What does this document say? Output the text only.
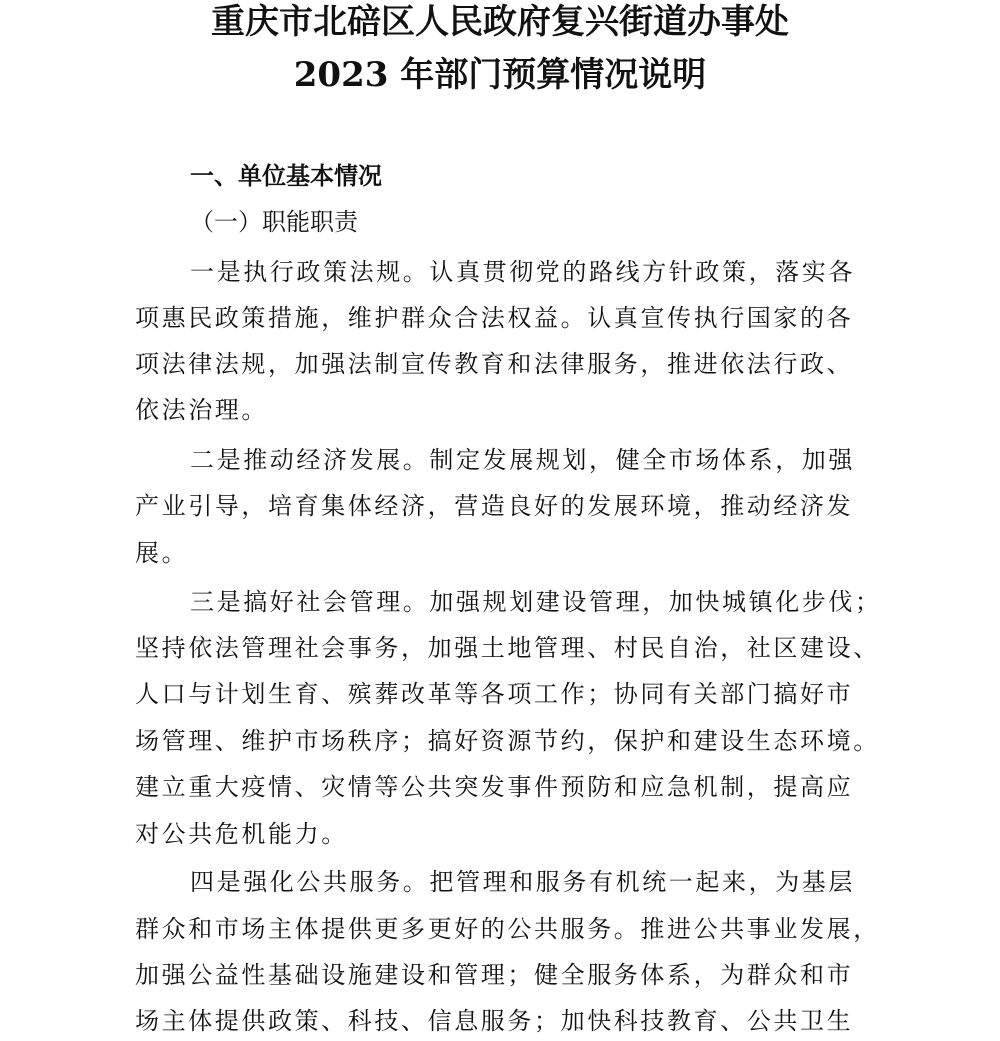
重庆市北碚区人民政府复兴街道办事处
2023 年部门预算情况说明
一、单位基本情况
（一）职能职责
一是执行政策法规。认真贯彻党的路线方针政策，落实各
项惠民政策措施，维护群众合法权益。认真宣传执行国家的各
项法律法规，加强法制宣传教育和法律服务，推进依法行政、
依法治理。
二是推动经济发展。制定发展规划，健全市场体系，加强
产业引导，培育集体经济，营造良好的发展环境，推动经济发
展。
三是搞好社会管理。加强规划建设管理，加快城镇化步伐；
坚持依法管理社会事务，加强土地管理、村民自治，社区建设、
人口与计划生育、殡葬改革等各项工作；协同有关部门搞好市
场管理、维护市场秩序；搞好资源节约，保护和建设生态环境。
建立重大疫情、灾情等公共突发事件预防和应急机制，提高应
对公共危机能力。
四是强化公共服务。把管理和服务有机统一起来，为基层
群众和市场主体提供更多更好的公共服务。推进公共事业发展，
加强公益性基础设施建设和管理；健全服务体系，为群众和市
场主体提供政策、科技、信息服务；加快科技教育、公共卫生
